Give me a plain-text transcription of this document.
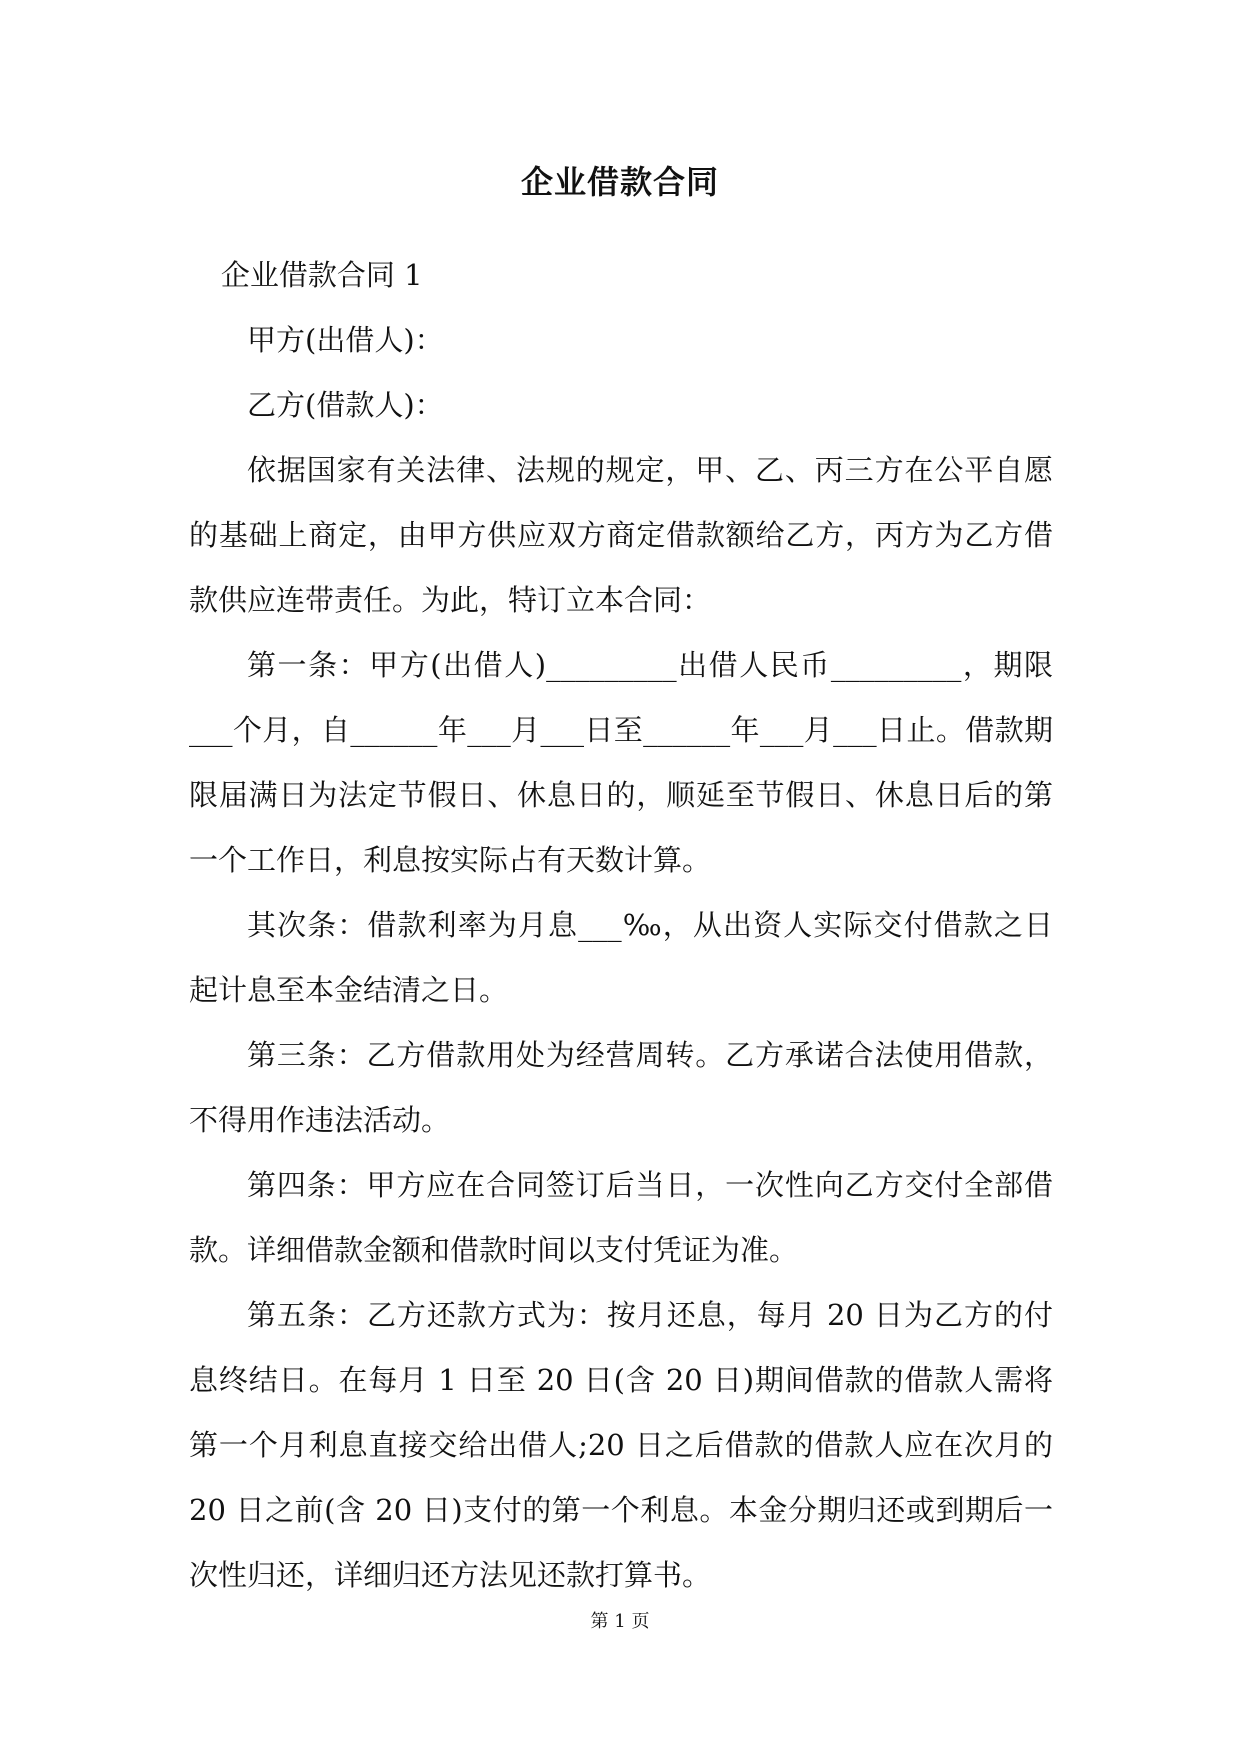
企业借款合同

企业借款合同 1

甲方(出借人)：

乙方(借款人)：

依据国家有关法律、法规的规定，甲、乙、丙三方在公平自愿的基础上商定，由甲方供应双方商定借款额给乙方，丙方为乙方借款供应连带责任。为此，特订立本合同：

第一条：甲方(出借人)_________出借人民币_________，期限___个月，自______年___月___日至______年___月___日止。借款期限届满日为法定节假日、休息日的，顺延至节假日、休息日后的第一个工作日，利息按实际占有天数计算。

其次条：借款利率为月息___‰，从出资人实际交付借款之日起计息至本金结清之日。

第三条：乙方借款用处为经营周转。乙方承诺合法使用借款，不得用作违法活动。

第四条：甲方应在合同签订后当日，一次性向乙方交付全部借款。详细借款金额和借款时间以支付凭证为准。

第五条：乙方还款方式为：按月还息，每月 20 日为乙方的付息终结日。在每月 1 日至 20 日(含 20 日)期间借款的借款人需将第一个月利息直接交给出借人;20 日之后借款的借款人应在次月的 20 日之前(含 20 日)支付的第一个利息。本金分期归还或到期后一次性归还，详细归还方法见还款打算书。

第 1 页
